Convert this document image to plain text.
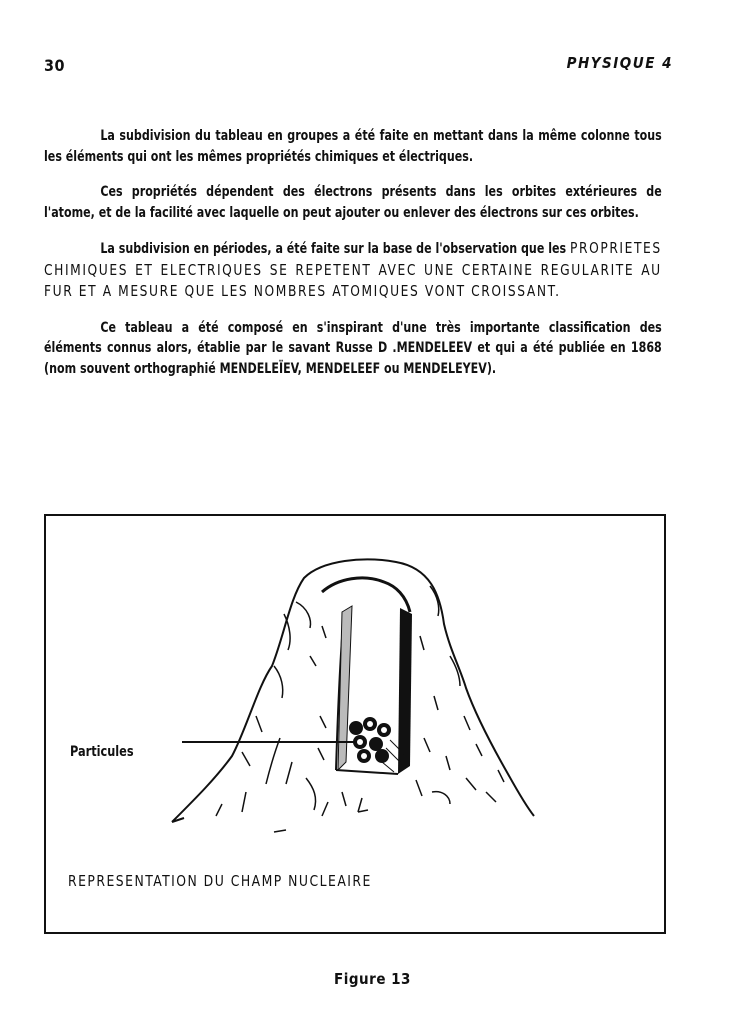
30	PHYSIQUE 4

La subdivision du tableau en groupes a été faite en mettant dans la même colonne tous les éléments qui ont les mêmes propriétés chimiques et électriques.

Ces propriétés dépendent des électrons présents dans les orbites extérieures de l'atome, et de la facilité avec laquelle on peut ajouter ou enlever des électrons sur ces orbites.

La subdivision en périodes, a été faite sur la base de l'observation que les PROPRIETES CHIMIQUES ET ELECTRIQUES SE REPETENT AVEC UNE CERTAINE REGULARITE AU FUR ET A MESURE QUE LES NOMBRES ATOMIQUES VONT CROISSANT.

Ce tableau a été composé en s'inspirant d'une très importante classification des éléments connus alors, établie par le savant Russe D .MENDELEEV et qui a été publiée en 1868 (nom souvent orthographié MENDELEÏEV, MENDELEEF ou MENDELEYEV).

Particules
REPRESENTATION DU CHAMP NUCLEAIRE
Figure 13
